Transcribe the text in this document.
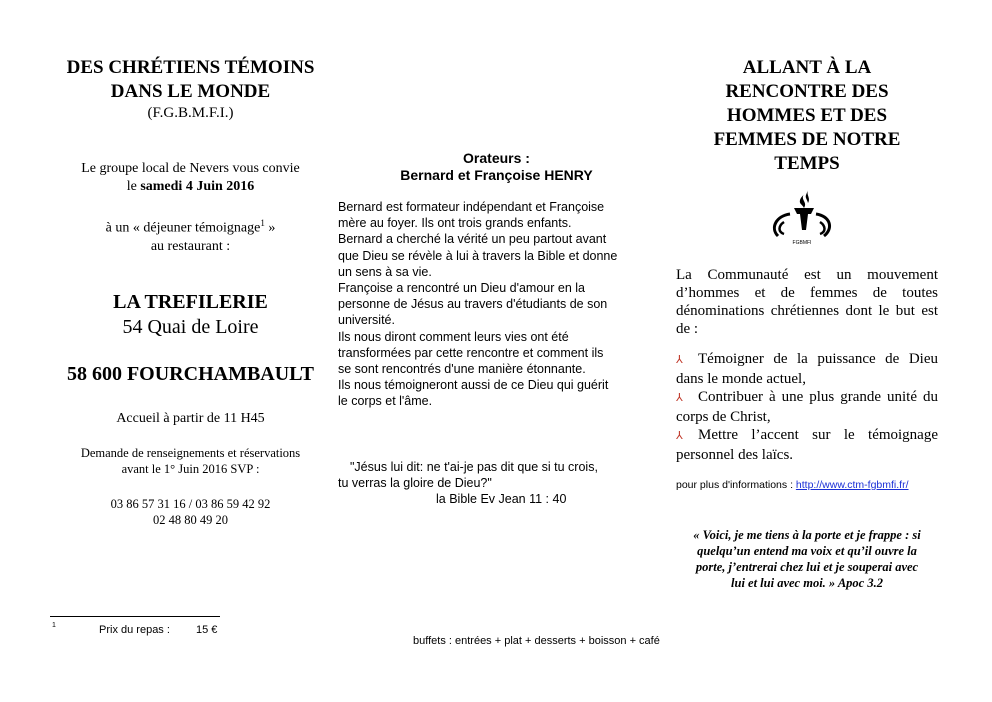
DES CHRÉTIENS TÉMOINS
DANS LE MONDE
(F.G.B.M.F.I.)
Le groupe local de Nevers vous convie
le samedi 4 Juin 2016
à un « déjeuner témoignage$^1$ »
au restaurant :
LA TREFILERIE
54 Quai de Loire
58 600 FOURCHAMBAULT
Accueil à partir de 11 H45
Demande de renseignements et réservations
avant le 1° Juin 2016 SVP :
03 86 57 31 16 / 03 86 59 42 92
02 48 80 49 20
1	Prix du repas : 15 €
Orateurs :
Bernard et Françoise HENRY
Bernard est formateur indépendant et Françoise
mère au foyer. Ils ont trois grands enfants.
Bernard a cherché la vérité un peu partout avant
que Dieu se révèle à lui à travers la Bible et donne
un sens à sa vie.
Françoise a rencontré un Dieu d'amour en la
personne de Jésus au travers d'étudiants de son
université.
Ils nous diront comment leurs vies ont été
transformées par cette rencontre et comment ils
se sont rencontrés d'une manière étonnante.
Ils nous témoigneront aussi de ce Dieu qui guérit
le corps et l'âme.
"Jésus lui dit: ne t'ai-je pas dit que si tu crois,
tu verras la gloire de Dieu?"
la Bible Ev Jean 11 : 40
buffets : entrées + plat + desserts + boisson + café
ALLANT À LA
RENCONTRE DES
HOMMES ET DES
FEMMES DE NOTRE
TEMPS
FGBMFI
La Communauté est un mouvement d’hommes et de femmes de toutes dénominations chrétiennes dont le but est de :
⅄ Témoigner de la puissance de Dieu dans le monde actuel,
⅄ Contribuer à une plus grande unité du corps de Christ,
⅄ Mettre l’accent sur le témoignage personnel des laïcs.
pour plus d'informations : http://www.ctm-fgbmfi.fr/
« Voici, je me tiens à la porte et je frappe : si
quelqu’un entend ma voix et qu’il ouvre la
porte, j’entrerai chez lui et je souperai avec
lui et lui avec moi. » Apoc 3.2
